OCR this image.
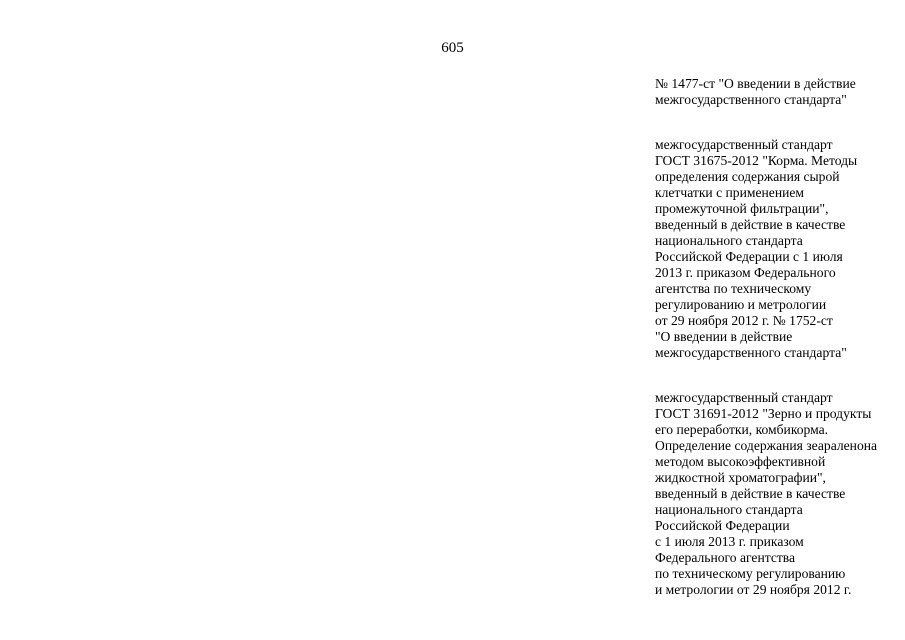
605
№ 1477-ст "О введении в действие
межгосударственного стандарта"
межгосударственный стандарт
ГОСТ 31675-2012 "Корма. Методы
определения содержания сырой
клетчатки с применением
промежуточной фильтрации",
введенный в действие в качестве
национального стандарта
Российской Федерации с 1 июля
2013 г. приказом Федерального
агентства по техническому
регулированию и метрологии
от 29 ноября 2012 г. № 1752-ст
"О введении в действие
межгосударственного стандарта"
межгосударственный стандарт
ГОСТ 31691-2012 "Зерно и продукты
его переработки, комбикорма.
Определение содержания зеараленона
методом высокоэффективной
жидкостной хроматографии",
введенный в действие в качестве
национального стандарта
Российской Федерации
с 1 июля 2013 г. приказом
Федерального агентства
по техническому регулированию
и метрологии от 29 ноября 2012 г.
